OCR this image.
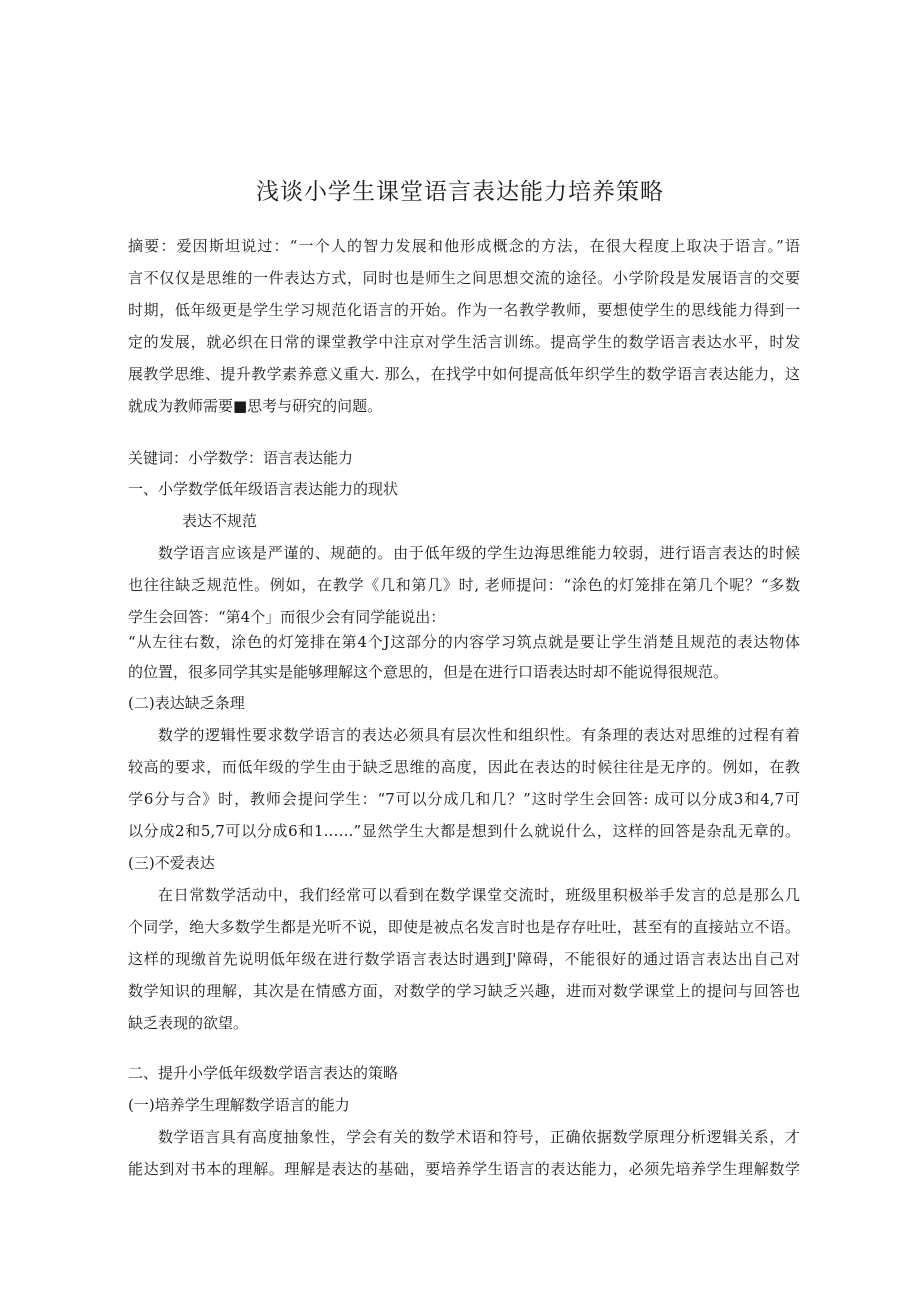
浅谈小学生课堂语言表达能力培养策略
摘要：爱因斯坦说过：“一个人的智力发展和他形成概念的方法，在很大程度上取决于语言。”语
言不仅仅是思维的一件表达方式，同时也是师生之间思想交流的途径。小学阶段是发展语言的交要
时期，低年级更是学生学习规范化语言的开始。作为一名教学教师，要想使学生的思线能力得到一
定的发展，就必织在日常的课堂教学中注京对学生活言训练。提高学生的数学语言表达水平，时发
展教学思维、提升教学素养意义重大. 那么，在找学中如何提高低年织学生的数学语言表达能力，这
就成为教师需要■思考与研究的问题。
关键词：小学数学：语言表达能力
一、小学数学低年级语言表达能力的现状
表达不规范
数学语言应该是严谨的、规葩的。由于低年级的学生边海思维能力较弱，进行语言表达的时候
也往往缺乏规范性。例如，在教学《几和第几》时, 老师提问：“涂色的灯笼排在第几个呢？“多数
学生会回答：“第4个」而很少会有同学能说出：
“从左往右数，涂色的灯笼排在第4个J这部分的内容学习筑点就是要让学生消楚且规范的表达物体
的位置，很多同学其实是能够理解这个意思的，但是在进行口语表达时却不能说得很规范。
(二)表达缺乏条理
数学的逻辑性要求数学语言的表达必须具有层次性和组织性。有条理的表达对思维的过程有着
较高的要求，而低年级的学生由于缺乏思维的高度，因此在表达的时候往往是无序的。例如，在教
学6分与合》时，教师会提问学生：“7可以分成几和几？”这时学生会回答: 成可以分成3和4,7可
以分成2和5,7可以分成6和1……”显然学生大都是想到什么就说什么，这样的回答是杂乱无章的。
(三)不爱表达
在日常数学活动中，我们经常可以看到在数学课堂交流时，班级里积极举手发言的总是那么几
个同学，绝大多数学生都是光听不说，即使是被点名发言时也是存存吐吐，甚至有的直接站立不语。
这样的现缴首先说明低年级在进行数学语言表达时遇到J'障碍，不能很好的通过语言表达出自己对
数学知识的理解，其次是在情感方面，对数学的学习缺乏兴趣，进而对数学课堂上的提问与回答也
缺乏表现的欲望。
二、提升小学低年级数学语言表达的策略
(一)培养学生理解数学语言的能力
数学语言具有高度抽象性，学会有关的数学术语和符号，正确依据数学原理分析逻辑关系，才
能达到对书本的理解。理解是表达的基础，要培养学生语言的表达能力，必须先培养学生理解数学
